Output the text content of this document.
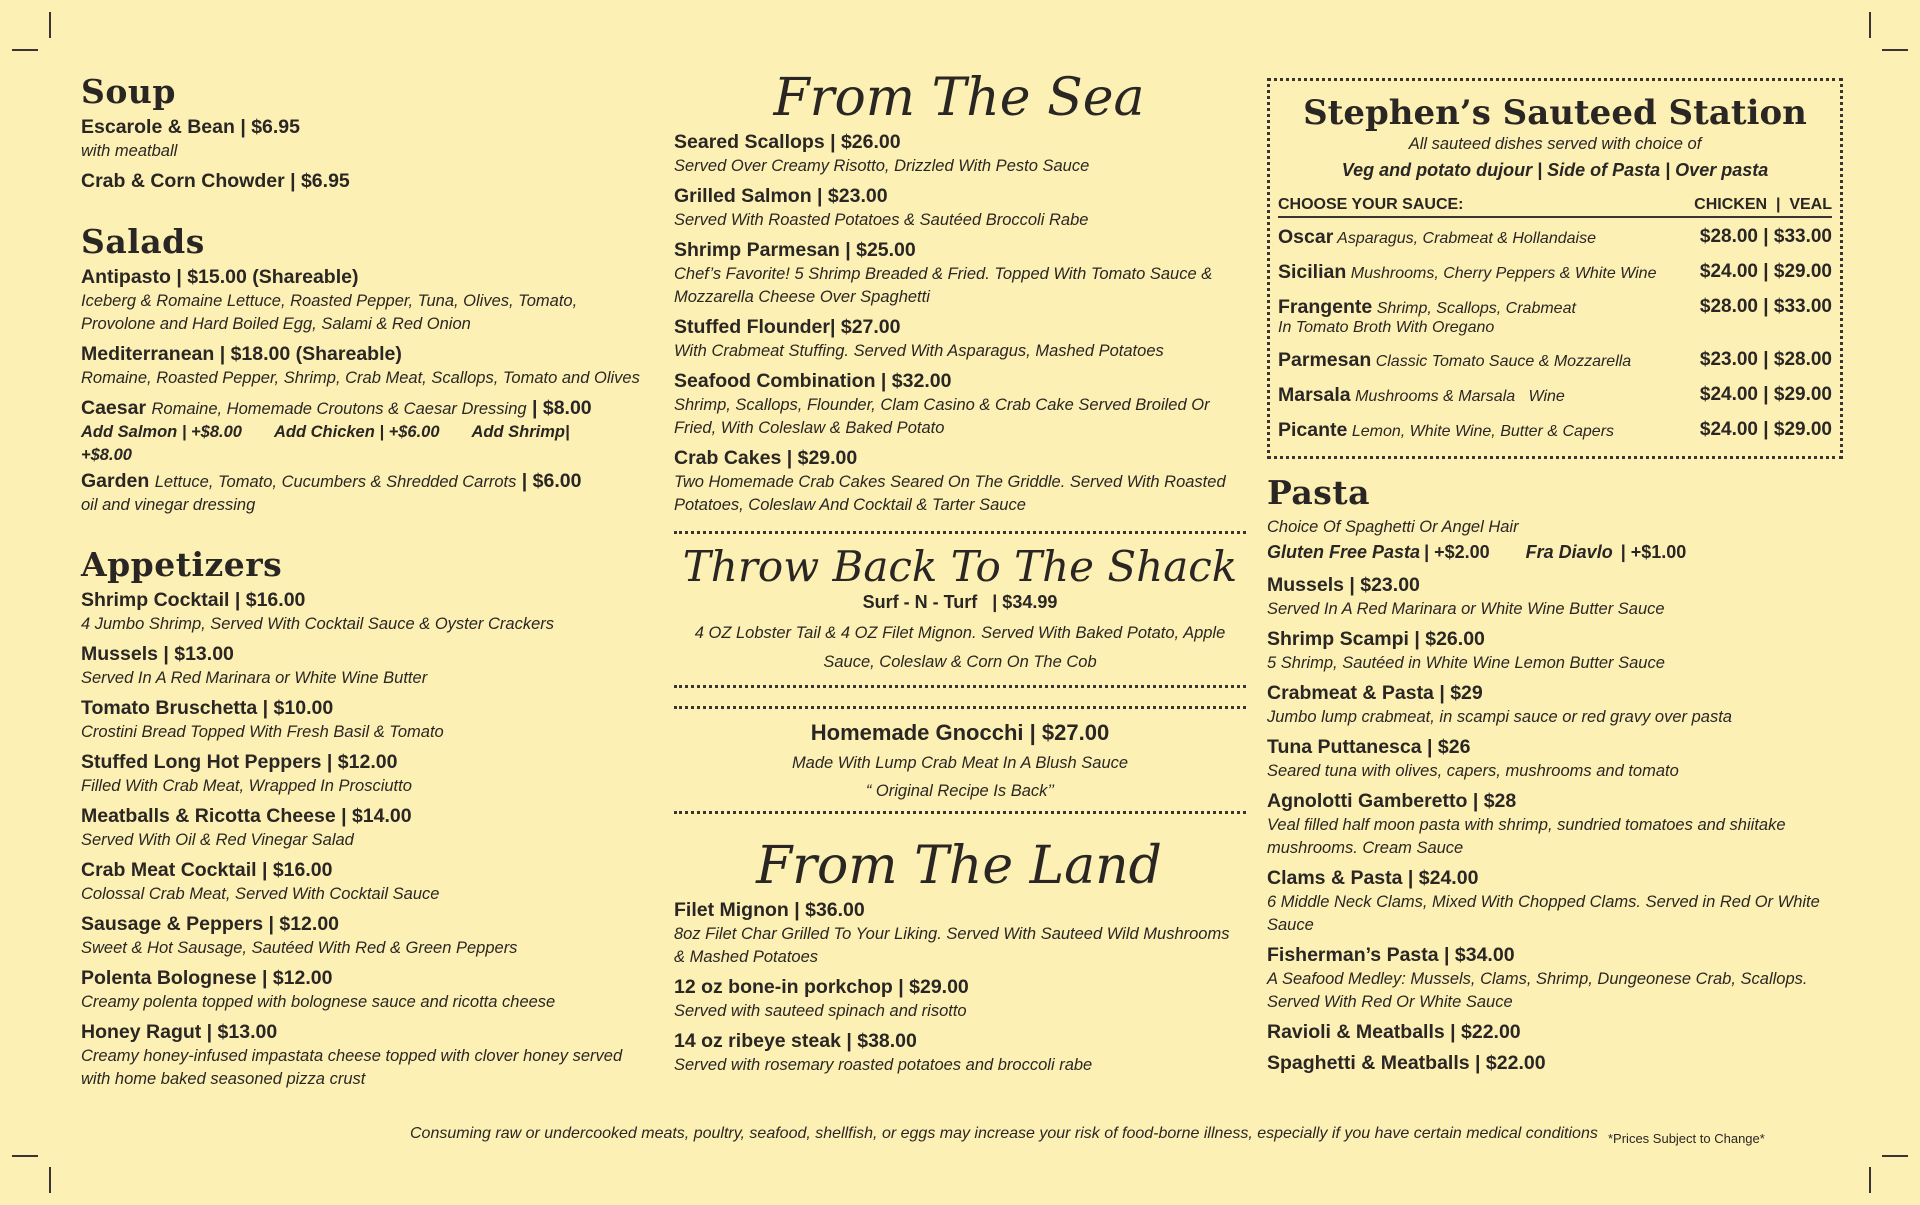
Soup
Escarole & Bean | $6.95
with meatball
Crab & Corn Chowder | $6.95
Salads
Antipasto | $15.00 (Shareable)
Iceberg & Romaine Lettuce, Roasted Pepper, Tuna, Olives, Tomato, Provolone and Hard Boiled Egg, Salami & Red Onion
Mediterranean | $18.00 (Shareable)
Romaine, Roasted Pepper, Shrimp, Crab Meat, Scallops, Tomato and Olives
Caesar Romaine, Homemade Croutons & Caesar Dressing | $8.00
Add Salmon | +$8.00 Add Chicken | +$6.00 Add Shrimp| +$8.00
Garden Lettuce, Tomato, Cucumbers & Shredded Carrots | $6.00
oil and vinegar dressing
Appetizers
Shrimp Cocktail | $16.00
4 Jumbo Shrimp, Served With Cocktail Sauce & Oyster Crackers
Mussels | $13.00
Served In A Red Marinara or White Wine Butter
Tomato Bruschetta | $10.00
Crostini Bread Topped With Fresh Basil & Tomato
Stuffed Long Hot Peppers | $12.00
Filled With Crab Meat, Wrapped In Prosciutto
Meatballs & Ricotta Cheese | $14.00
Served With Oil & Red Vinegar Salad
Crab Meat Cocktail | $16.00
Colossal Crab Meat, Served With Cocktail Sauce
Sausage & Peppers | $12.00
Sweet & Hot Sausage, Sautéed With Red & Green Peppers
Polenta Bolognese | $12.00
Creamy polenta topped with bolognese sauce and ricotta cheese
Honey Ragut | $13.00
Creamy honey-infused impastata cheese topped with clover honey served with home baked seasoned pizza crust
From The Sea
Seared Scallops | $26.00
Served Over Creamy Risotto, Drizzled With Pesto Sauce
Grilled Salmon | $23.00
Served With Roasted Potatoes & Sautéed Broccoli Rabe
Shrimp Parmesan | $25.00
Chef’s Favorite! 5 Shrimp Breaded & Fried. Topped With Tomato Sauce & Mozzarella Cheese Over Spaghetti
Stuffed Flounder| $27.00
With Crabmeat Stuffing. Served With Asparagus, Mashed Potatoes
Seafood Combination | $32.00
Shrimp, Scallops, Flounder, Clam Casino & Crab Cake Served Broiled Or Fried, With Coleslaw & Baked Potato
Crab Cakes | $29.00
Two Homemade Crab Cakes Seared On The Griddle. Served With Roasted Potatoes, Coleslaw And Cocktail & Tarter Sauce
Throw Back To The Shack
Surf - N - Turf   | $34.99
4 OZ Lobster Tail & 4 OZ Filet Mignon. Served With Baked Potato, Apple Sauce, Coleslaw & Corn On The Cob
Homemade Gnocchi | $27.00
Made With Lump Crab Meat In A Blush Sauce
“ Original Recipe Is Back’’
From The Land
Filet Mignon | $36.00
8oz Filet Char Grilled To Your Liking. Served With Sauteed Wild Mushrooms & Mashed Potatoes
12 oz bone-in porkchop | $29.00
Served with sauteed spinach and risotto
14 oz ribeye steak | $38.00
Served with rosemary roasted potatoes and broccoli rabe
Stephen’s Sauteed Station
All sauteed dishes served with choice of
Veg and potato dujour | Side of Pasta | Over pasta
CHOOSE YOUR SAUCE:	CHICKEN  |  VEAL
Oscar Asparagus, Crabmeat & Hollandaise	$28.00 | $33.00
Sicilian Mushrooms, Cherry Peppers & White Wine $24.00 | $29.00
Frangente Shrimp, Scallops, Crabmeat
In Tomato Broth With Oregano
$28.00 | $33.00
Parmesan Classic Tomato Sauce & Mozzarella	$23.00 | $28.00
Marsala Mushrooms & Marsala   Wine	$24.00 | $29.00
Picante Lemon, White Wine, Butter & Capers	$24.00 | $29.00
Pasta
Choice Of Spaghetti Or Angel Hair
Gluten Free Pasta | +$2.00 Fra Diavlo | +$1.00
Mussels | $23.00
Served In A Red Marinara or White Wine Butter Sauce
Shrimp Scampi | $26.00
5 Shrimp, Sautéed in White Wine Lemon Butter Sauce
Crabmeat & Pasta | $29
Jumbo lump crabmeat, in scampi sauce or red gravy over pasta
Tuna Puttanesca | $26
Seared tuna with olives, capers, mushrooms and tomato
Agnolotti Gamberetto | $28
Veal filled half moon pasta with shrimp, sundried tomatoes and shiitake mushrooms. Cream Sauce
Clams & Pasta | $24.00
6 Middle Neck Clams, Mixed With Chopped Clams. Served in Red Or White Sauce
Fisherman’s Pasta | $34.00
A Seafood Medley: Mussels, Clams, Shrimp, Dungeonese Crab, Scallops. Served With Red Or White Sauce
Ravioli & Meatballs | $22.00
Spaghetti & Meatballs | $22.00
Consuming raw or undercooked meats, poultry, seafood, shellfish, or eggs may increase your risk of food-borne illness, especially if you have certain medical conditions *Prices Subject to Change*
